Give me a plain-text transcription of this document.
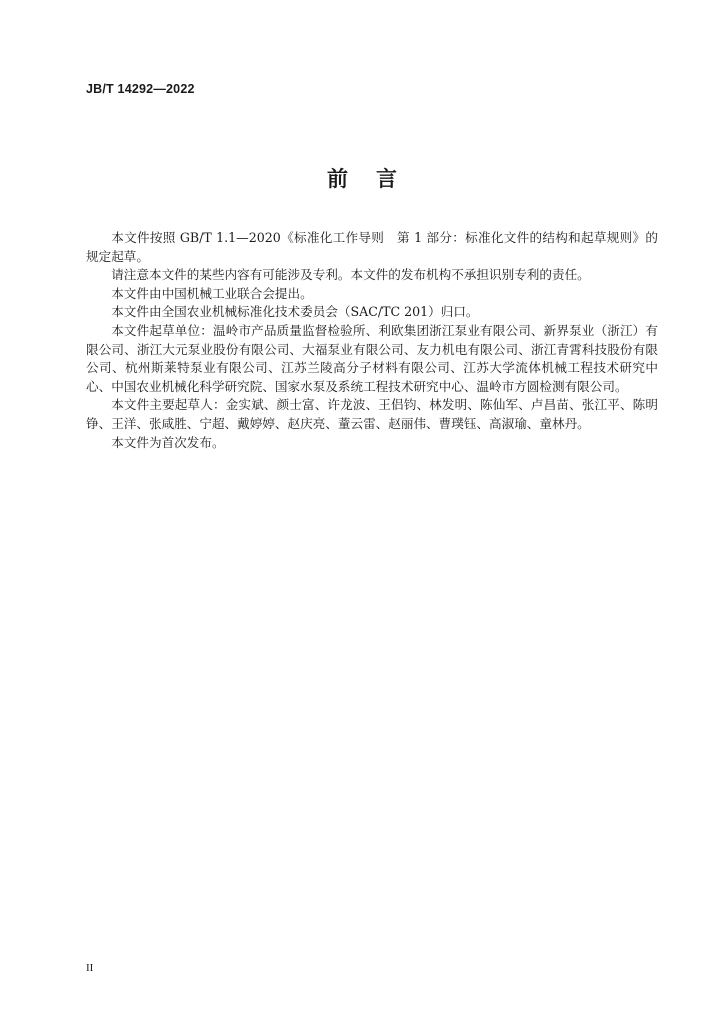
JB/T 14292—2022
前言

本文件按照 GB/T 1.1—2020《标准化工作导则　第 1 部分：标准化文件的结构和起草规则》的规定起草。

请注意本文件的某些内容有可能涉及专利。本文件的发布机构不承担识别专利的责任。

本文件由中国机械工业联合会提出。

本文件由全国农业机械标准化技术委员会（SAC/TC 201）归口。

本文件起草单位：温岭市产品质量监督检验所、利欧集团浙江泵业有限公司、新界泵业（浙江）有限公司、浙江大元泵业股份有限公司、大福泵业有限公司、友力机电有限公司、浙江青霄科技股份有限公司、杭州斯莱特泵业有限公司、江苏兰陵高分子材料有限公司、江苏大学流体机械工程技术研究中心、中国农业机械化科学研究院、国家水泵及系统工程技术研究中心、温岭市方圆检测有限公司。

本文件主要起草人：金实斌、颜士富、许龙波、王侣钧、林发明、陈仙军、卢昌苗、张江平、陈明铮、王洋、张咸胜、宁超、戴婷婷、赵庆亮、蕫云雷、赵丽伟、曹璞钰、高淑瑜、童林丹。

本文件为首次发布。

II
